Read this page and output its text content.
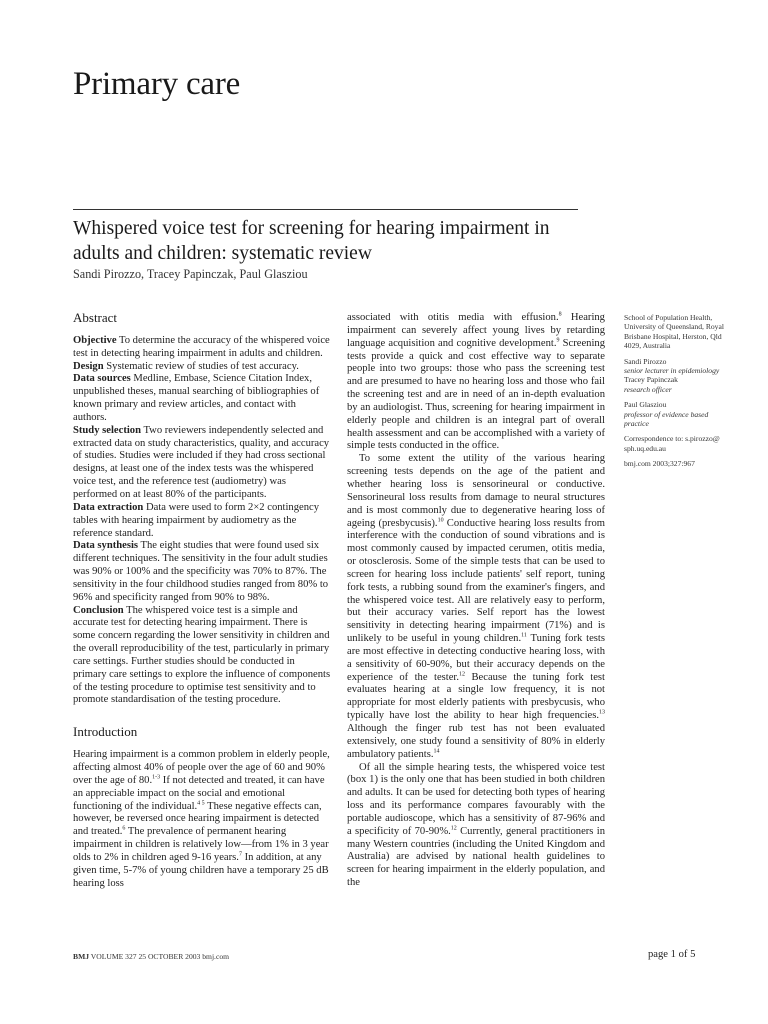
Primary care
Whispered voice test for screening for hearing impairment in adults and children: systematic review
Sandi Pirozzo, Tracey Papinczak, Paul Glasziou
Abstract

Objective To determine the accuracy of the whispered voice test in detecting hearing impairment in adults and children.

Design Systematic review of studies of test accuracy.

Data sources Medline, Embase, Science Citation Index, unpublished theses, manual searching of bibliographies of known primary and review articles, and contact with authors.

Study selection Two reviewers independently selected and extracted data on study characteristics, quality, and accuracy of studies. Studies were included if they had cross sectional designs, at least one of the index tests was the whispered voice test, and the reference test (audiometry) was performed on at least 80% of the participants.

Data extraction Data were used to form 2×2 contingency tables with hearing impairment by audiometry as the reference standard.

Data synthesis The eight studies that were found used six different techniques. The sensitivity in the four adult studies was 90% or 100% and the specificity was 70% to 87%. The sensitivity in the four childhood studies ranged from 80% to 96% and specificity ranged from 90% to 98%.

Conclusion The whispered voice test is a simple and accurate test for detecting hearing impairment. There is some concern regarding the lower sensitivity in children and the overall reproducibility of the test, particularly in primary care settings. Further studies should be conducted in primary care settings to explore the influence of components of the testing procedure to optimise test sensitivity and to promote standardisation of the testing procedure.

Introduction

Hearing impairment is a common problem in elderly people, affecting almost 40% of people over the age of 60 and 90% over the age of 80.$^{1-3}$ If not detected and treated, it can have an appreciable impact on the social and emotional functioning of the individual.$^{4 5}$ These negative effects can, however, be reversed once hearing impairment is detected and treated.$^6$ The prevalence of permanent hearing impairment in children is relatively low—from 1% in 3 year olds to 2% in children aged 9-16 years.$^7$ In addition, at any given time, 5-7% of young children have a temporary 25 dB hearing loss

associated with otitis media with effusion.$^8$ Hearing impairment can severely affect young lives by retarding language acquisition and cognitive development.$^9$ Screening tests provide a quick and cost effective way to separate people into two groups: those who pass the screening test and are presumed to have no hearing loss and those who fail the screening test and are in need of an in-depth evaluation by an audiologist. Thus, screening for hearing impairment in elderly people and children is an integral part of overall health assessment and can be accomplished with a variety of simple tests conducted in the office.

To some extent the utility of the various hearing screening tests depends on the age of the patient and whether hearing loss is sensorineural or conductive. Sensorineural loss results from damage to neural structures and is most commonly due to degenerative hearing loss of ageing (presbycusis).$^{10}$ Conductive hearing loss results from interference with the conduction of sound vibrations and is most commonly caused by impacted cerumen, otitis media, or otosclerosis. Some of the simple tests that can be used to screen for hearing loss include patients' self report, tuning fork tests, a rubbing sound from the examiner's fingers, and the whispered voice test. All are relatively easy to perform, but their accuracy varies. Self report has the lowest sensitivity in detecting hearing impairment (71%) and is unlikely to be useful in young children.$^{11}$ Tuning fork tests are most effective in detecting conductive hearing loss, with a sensitivity of 60-90%, but their accuracy depends on the experience of the tester.$^{12}$ Because the tuning fork test evaluates hearing at a single low frequency, it is not appropriate for most elderly patients with presbycusis, who typically have lost the ability to hear high frequencies.$^{13}$ Although the finger rub test has not been evaluated extensively, one study found a sensitivity of 80% in elderly ambulatory patients.$^{14}$

Of all the simple hearing tests, the whispered voice test (box 1) is the only one that has been studied in both children and adults. It can be used for detecting both types of hearing loss and its performance compares favourably with the portable audioscope, which has a sensitivity of 87-96% and a specificity of 70-90%.$^{12}$ Currently, general practitioners in many Western countries (including the United Kingdom and Australia) are advised by national health guidelines to screen for hearing impairment in the elderly population, and the

School of Population Health, University of Queensland, Royal Brisbane Hospital, Herston, Qld 4029, Australia

Sandi Pirozzo
senior lecturer in epidemiology
Tracey Papinczak
research officer

Paul Glasziou
professor of evidence based practice

Correspondence to: s.pirozzo@
sph.uq.edu.au

bmj.com 2003;327:967

BMJ VOLUME 327 25 OCTOBER 2003 bmj.com	page 1 of 5
